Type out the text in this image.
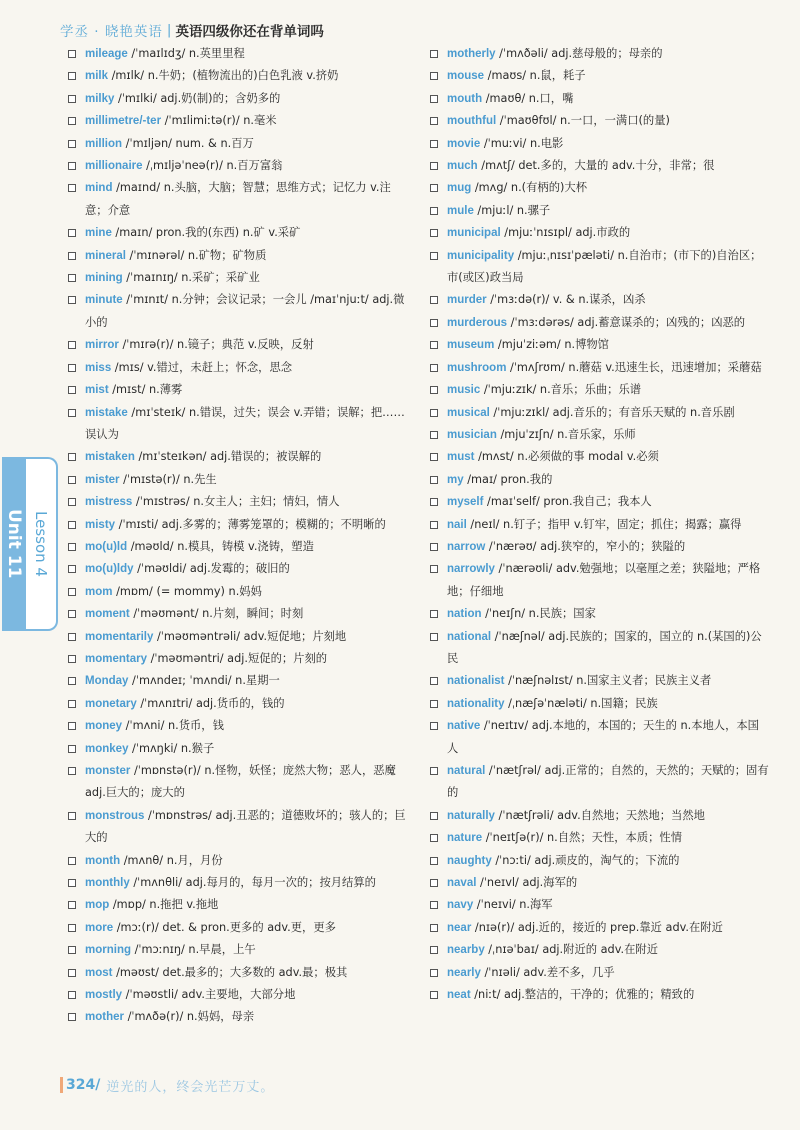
学丞 · 晓艳英语 | 英语四级你还在背单词吗
mileage /ˈmaɪlɪdʒ/ n.英里里程
milk /mɪlk/ n.牛奶；(植物流出的)白色乳液 v.挤奶
milky /ˈmɪlki/ adj.奶(制)的；含奶多的
millimetre/-ter /ˈmɪlimiːtə(r)/ n.毫米
million /ˈmɪljən/ num. & n.百万
millionaire /ˌmɪljəˈneə(r)/ n.百万富翁
mind /maɪnd/ n.头脑，大脑；智慧；思维方式；记忆力 v.注意；介意
mine /maɪn/ pron.我的(东西) n.矿 v.采矿
mineral /ˈmɪnərəl/ n.矿物；矿物质
mining /ˈmaɪnɪŋ/ n.采矿；采矿业
minute /ˈmɪnɪt/ n.分钟；会议记录；一会儿 /maɪˈnjuːt/ adj.微小的
mirror /ˈmɪrə(r)/ n.镜子；典范 v.反映，反射
miss /mɪs/ v.错过，未赶上；怀念，思念
mist /mɪst/ n.薄雾
mistake /mɪˈsteɪk/ n.错误，过失；误会 v.弄错；误解；把……误认为
mistaken /mɪˈsteɪkən/ adj.错误的；被误解的
mister /ˈmɪstə(r)/ n.先生
mistress /ˈmɪstrəs/ n.女主人；主妇；情妇，情人
misty /ˈmɪsti/ adj.多雾的；薄雾笼罩的；模糊的；不明晰的
mo(u)ld /məʊld/ n.模具，铸模 v.浇铸，塑造
mo(u)ldy /ˈməʊldi/ adj.发霉的；破旧的
mom /mɒm/ (= mommy) n.妈妈
moment /ˈməʊmənt/ n.片刻，瞬间；时刻
momentarily /ˈməʊməntrəli/ adv.短促地；片刻地
momentary /ˈməʊməntri/ adj.短促的；片刻的
Monday /ˈmʌndeɪ; ˈmʌndi/ n.星期一
monetary /ˈmʌnɪtri/ adj.货币的，钱的
money /ˈmʌni/ n.货币，钱
monkey /ˈmʌŋki/ n.猴子
monster /ˈmɒnstə(r)/ n.怪物，妖怪；庞然大物；恶人，恶魔 adj.巨大的；庞大的
monstrous /ˈmɒnstrəs/ adj.丑恶的；道德败坏的；骇人的；巨大的
month /mʌnθ/ n.月，月份
monthly /ˈmʌnθli/ adj.每月的，每月一次的；按月结算的
mop /mɒp/ n.拖把 v.拖地
more /mɔː(r)/ det. & pron.更多的 adv.更，更多
morning /ˈmɔːnɪŋ/ n.早晨，上午
most /məʊst/ det.最多的；大多数的 adv.最；极其
mostly /ˈməʊstli/ adv.主要地，大部分地
mother /ˈmʌðə(r)/ n.妈妈，母亲
motherly /ˈmʌðəli/ adj.慈母般的；母亲的
mouse /maʊs/ n.鼠，耗子
mouth /maʊθ/ n.口，嘴
mouthful /ˈmaʊθfʊl/ n.一口，一满口(的量)
movie /ˈmuːvi/ n.电影
much /mʌtʃ/ det.多的，大量的 adv.十分，非常；很
mug /mʌg/ n.(有柄的)大杯
mule /mjuːl/ n.骡子
municipal /mjuːˈnɪsɪpl/ adj.市政的
municipality /mjuːˌnɪsɪˈpæləti/ n.自治市；(市下的)自治区；市(或区)政当局
murder /ˈmɜːdə(r)/ v. & n.谋杀，凶杀
murderous /ˈmɜːdərəs/ adj.蓄意谋杀的；凶残的；凶恶的
museum /mjuˈziːəm/ n.博物馆
mushroom /ˈmʌʃrʊm/ n.蘑菇 v.迅速生长，迅速增加；采蘑菇
music /ˈmjuːzɪk/ n.音乐；乐曲；乐谱
musical /ˈmjuːzɪkl/ adj.音乐的；有音乐天赋的 n.音乐剧
musician /mjuˈzɪʃn/ n.音乐家，乐师
must /mʌst/ n.必须做的事 modal v.必须
my /maɪ/ pron.我的
myself /maɪˈself/ pron.我自己；我本人
nail /neɪl/ n.钉子；指甲 v.钉牢，固定；抓住；揭露；赢得
narrow /ˈnærəʊ/ adj.狭窄的，窄小的；狭隘的
narrowly /ˈnærəʊli/ adv.勉强地；以毫厘之差；狭隘地；严格地；仔细地
nation /ˈneɪʃn/ n.民族；国家
national /ˈnæʃnəl/ adj.民族的；国家的，国立的 n.(某国的)公民
nationalist /ˈnæʃnəlɪst/ n.国家主义者；民族主义者
nationality /ˌnæʃəˈnæləti/ n.国籍；民族
native /ˈneɪtɪv/ adj.本地的，本国的；天生的 n.本地人，本国人
natural /ˈnætʃrəl/ adj.正常的；自然的，天然的；天赋的；固有的
naturally /ˈnætʃrəli/ adv.自然地；天然地；当然地
nature /ˈneɪtʃə(r)/ n.自然；天性，本质；性情
naughty /ˈnɔːti/ adj.顽皮的，淘气的；下流的
naval /ˈneɪvl/ adj.海军的
navy /ˈneɪvi/ n.海军
near /nɪə(r)/ adj.近的，接近的 prep.靠近 adv.在附近
nearby /ˌnɪəˈbaɪ/ adj.附近的 adv.在附近
nearly /ˈnɪəli/ adv.差不多，几乎
neat /niːt/ adj.整洁的，干净的；优雅的；精致的
Unit 11 Lesson 4
324 / 逆光的人，终会光芒万丈。
